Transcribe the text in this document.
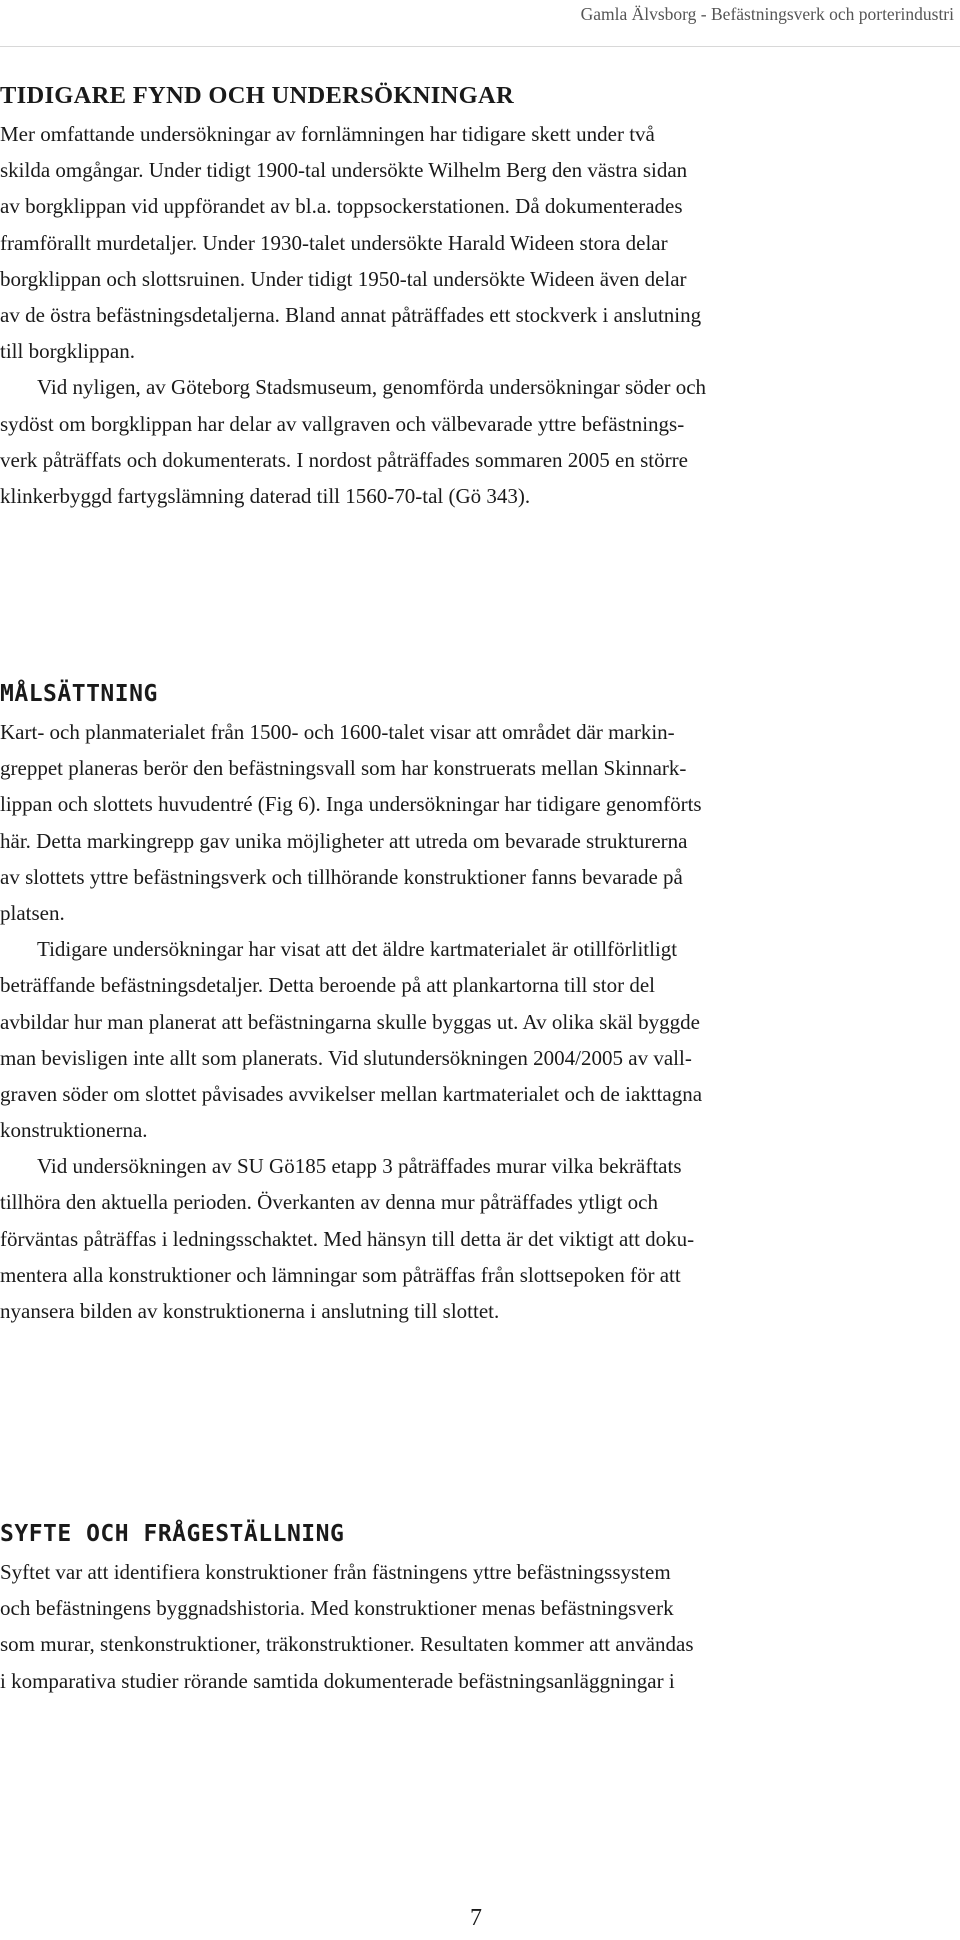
Gamla Älvsborg - Befästningsverk och porterindustri
TIDIGARE FYND OCH UNDERSÖKNINGAR

Mer omfattande undersökningar av fornlämningen har tidigare skett under två
skilda omgångar. Under tidigt 1900-tal undersökte Wilhelm Berg den västra sidan
av borgklippan vid uppförandet av bl.a. toppsockerstationen. Då dokumenterades
framförallt murdetaljer. Under 1930-talet undersökte Harald Wideen stora delar
borgklippan och slottsruinen. Under tidigt 1950-tal undersökte Wideen även delar
av de östra befästningsdetaljerna. Bland annat påträffades ett stockverk i anslutning
till borgklippan.

Vid nyligen, av Göteborg Stadsmuseum, genomförda undersökningar söder och
sydöst om borgklippan har delar av vallgraven och välbevarade yttre befästnings-
verk påträffats och dokumenterats. I nordost påträffades sommaren 2005 en större
klinkerbyggd fartygslämning daterad till 1560-70-tal (Gö 343).

MÅLSÄTTNING

Kart- och planmaterialet från 1500- och 1600-talet visar att området där markin-
greppet planeras berör den befästningsvall som har konstruerats mellan Skinnark-
lippan och slottets huvudentré (Fig 6). Inga undersökningar har tidigare genomförts
här. Detta markingrepp gav unika möjligheter att utreda om bevarade strukturerna
av slottets yttre befästningsverk och tillhörande konstruktioner fanns bevarade på
platsen.

Tidigare undersökningar har visat att det äldre kartmaterialet är otillförlitligt
beträffande befästningsdetaljer. Detta beroende på att plankartorna till stor del
avbildar hur man planerat att befästningarna skulle byggas ut. Av olika skäl byggde
man bevisligen inte allt som planerats. Vid slutundersökningen 2004/2005 av vall-
graven söder om slottet påvisades avvikelser mellan kartmaterialet och de iakttagna
konstruktionerna.

Vid undersökningen av SU Gö185 etapp 3 påträffades murar vilka bekräftats
tillhöra den aktuella perioden. Överkanten av denna mur påträffades ytligt och
förväntas påträffas i ledningsschaktet. Med hänsyn till detta är det viktigt att doku-
mentera alla konstruktioner och lämningar som påträffas från slottsepoken för att
nyansera bilden av konstruktionerna i anslutning till slottet.

SYFTE OCH FRÅGESTÄLLNING

Syftet var att identifiera konstruktioner från fästningens yttre befästningssystem
och befästningens byggnadshistoria. Med konstruktioner menas befästningsverk
som murar, stenkonstruktioner, träkonstruktioner. Resultaten kommer att användas
i komparativa studier rörande samtida dokumenterade befästningsanläggningar i

7
